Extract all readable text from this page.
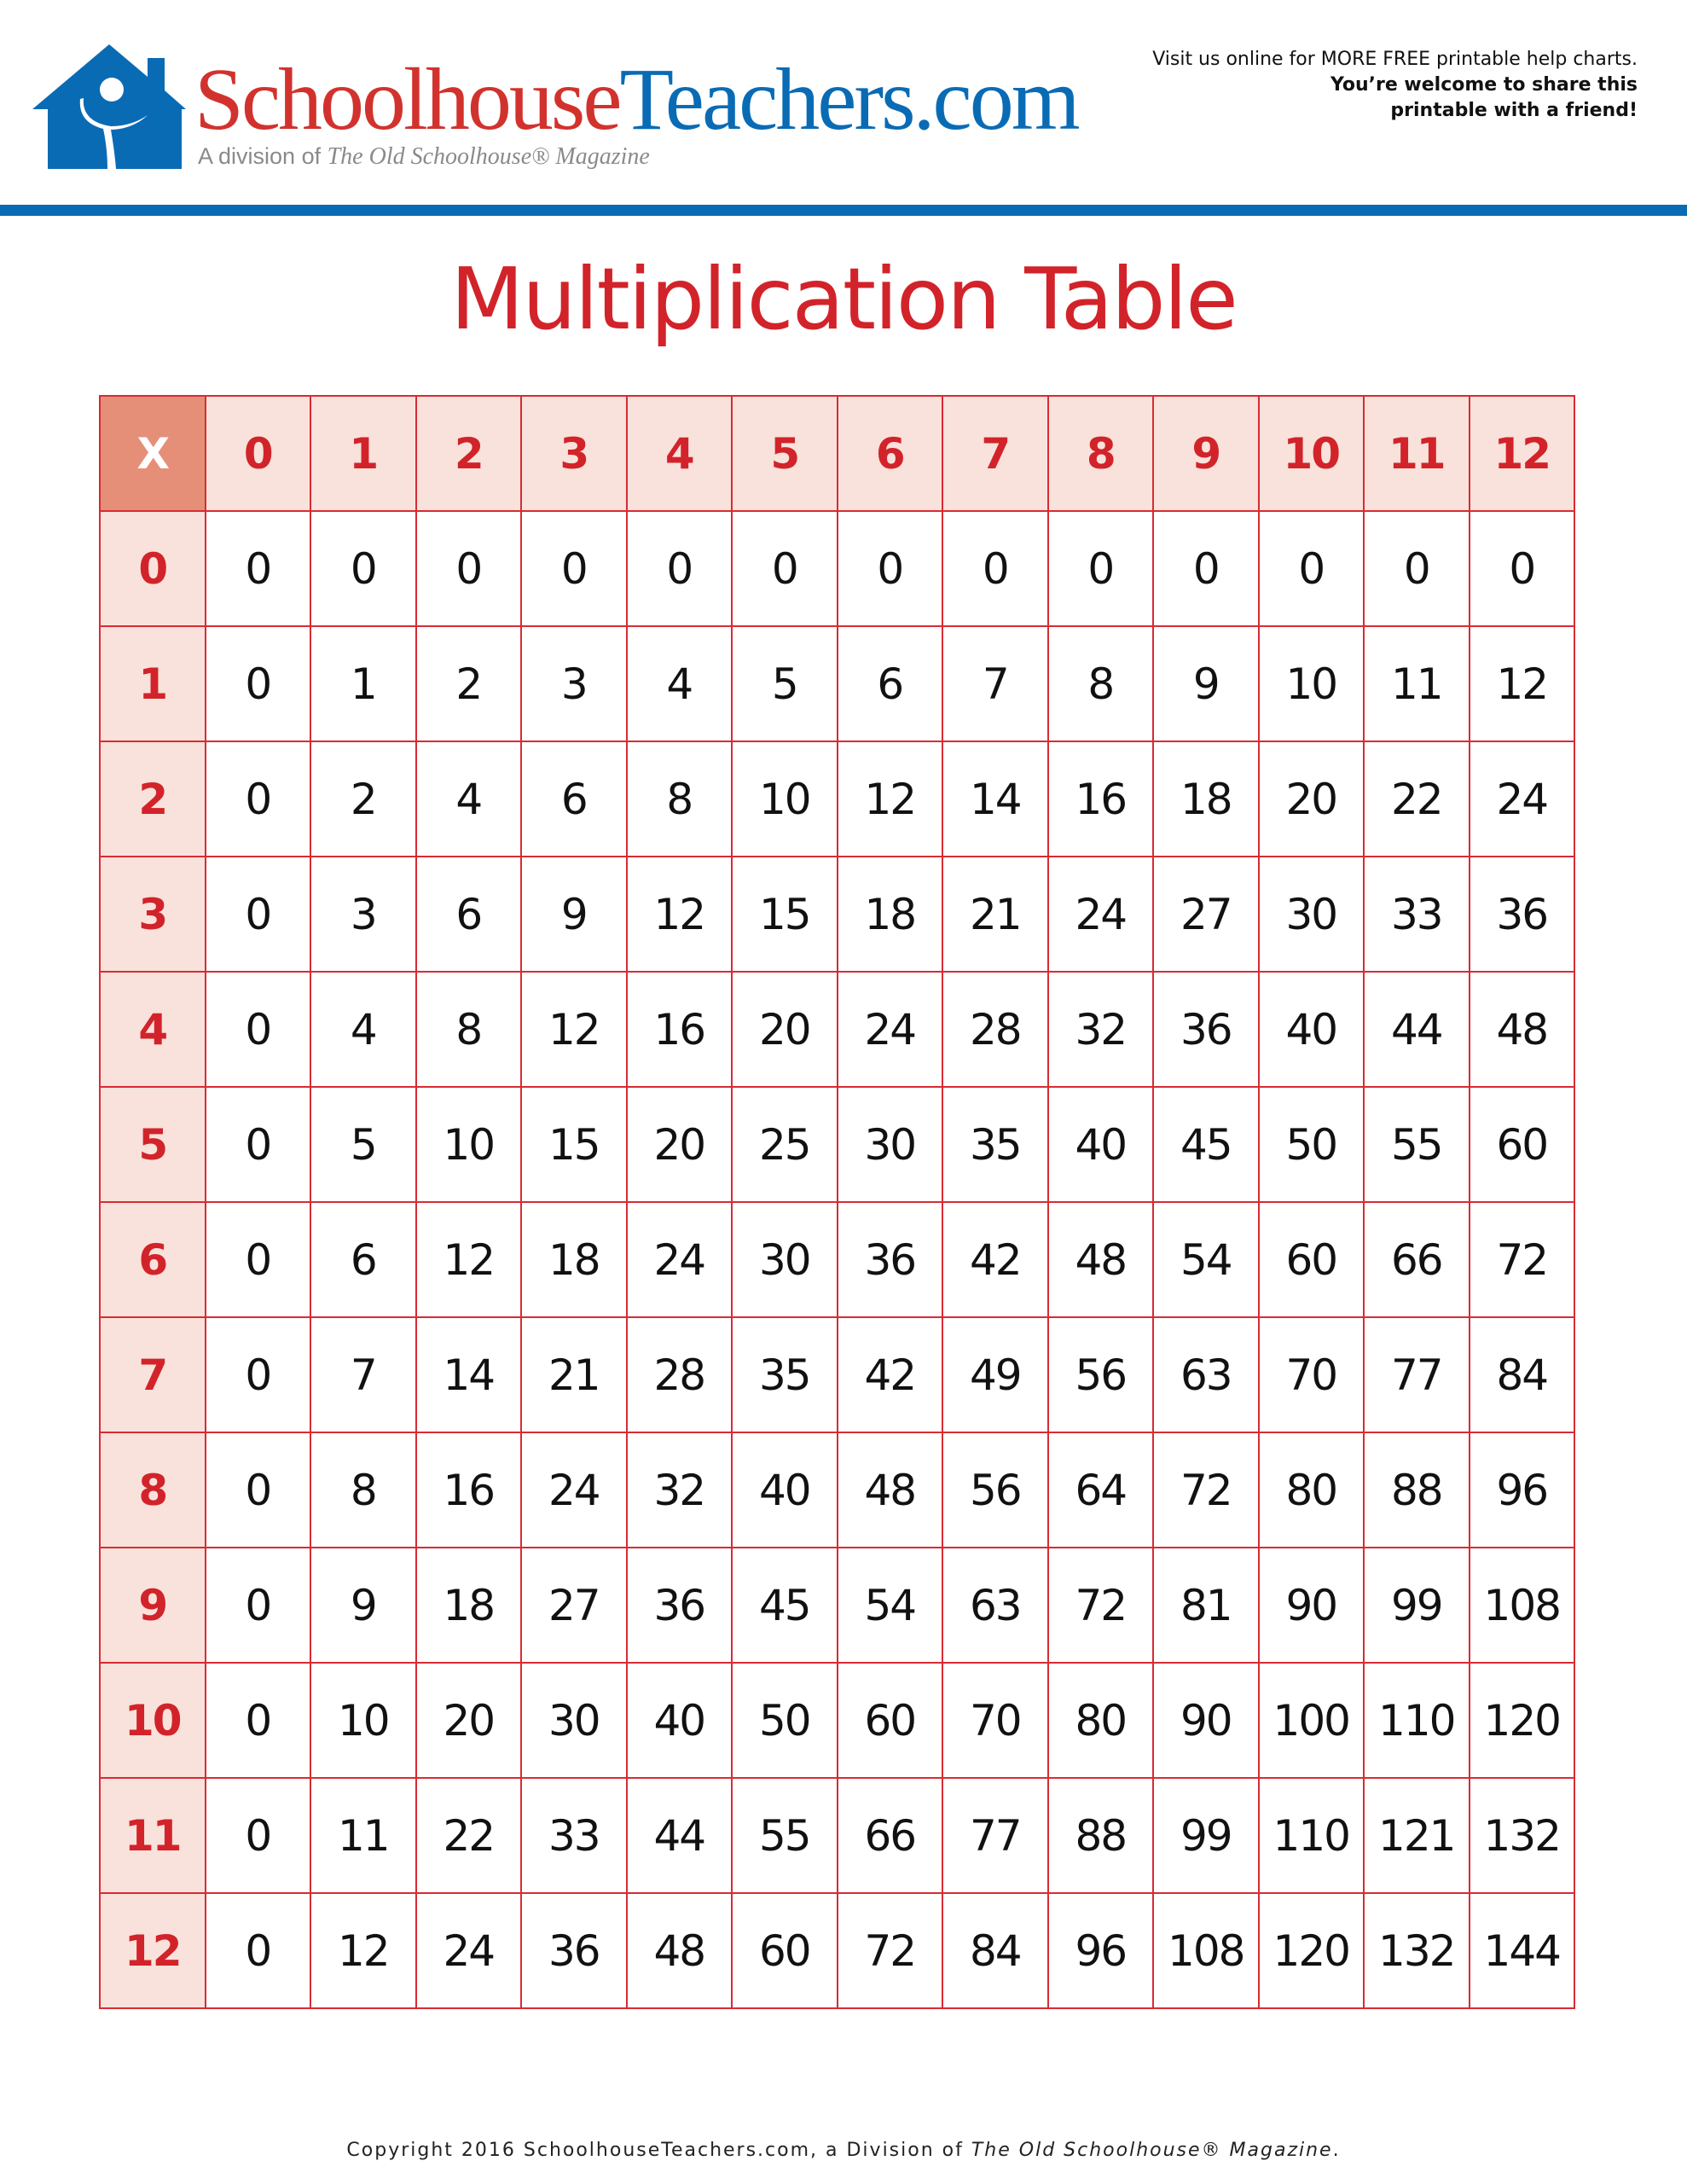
SchoolhouseTeachers.com
A division of The Old Schoolhouse® Magazine
Visit us online for MORE FREE printable help charts.
You’re welcome to share this
printable with a friend!
Multiplication Table
X	0	1	2	3	4	5	6	7	8	9	10	11	12
0	0	0	0	0	0	0	0	0	0	0	0	0	0
1	0	1	2	3	4	5	6	7	8	9	10	11	12
2	0	2	4	6	8	10	12	14	16	18	20	22	24
3	0	3	6	9	12	15	18	21	24	27	30	33	36
4	0	4	8	12	16	20	24	28	32	36	40	44	48
5	0	5	10	15	20	25	30	35	40	45	50	55	60
6	0	6	12	18	24	30	36	42	48	54	60	66	72
7	0	7	14	21	28	35	42	49	56	63	70	77	84
8	0	8	16	24	32	40	48	56	64	72	80	88	96
9	0	9	18	27	36	45	54	63	72	81	90	99	108
10	0	10	20	30	40	50	60	70	80	90	100	110	120
11	0	11	22	33	44	55	66	77	88	99	110	121	132
12	0	12	24	36	48	60	72	84	96	108	120	132	144
Copyright 2016 SchoolhouseTeachers.com, a Division of The Old Schoolhouse® Magazine.
